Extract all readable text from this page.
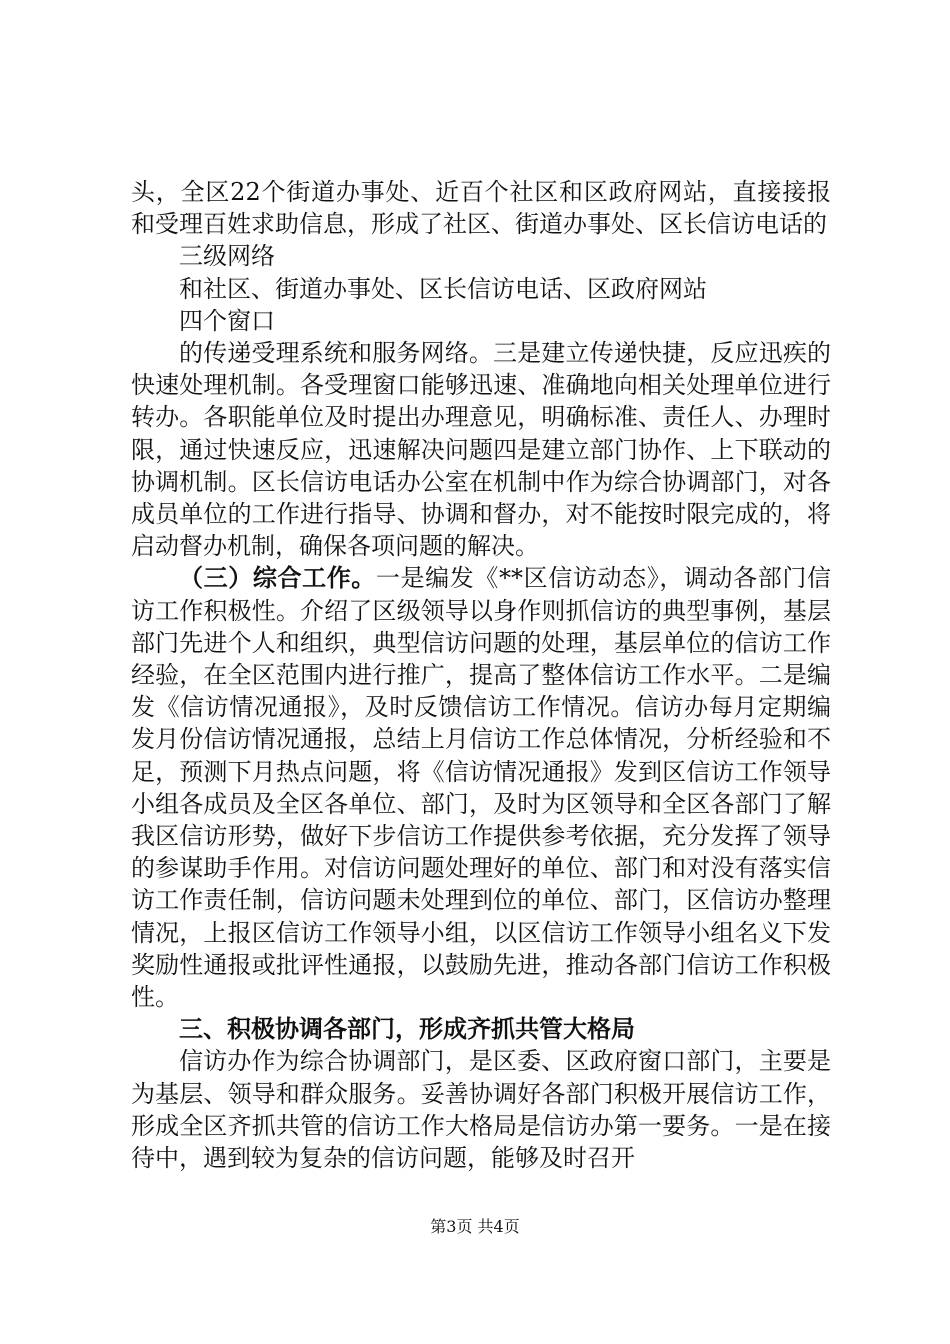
头，全区22个街道办事处、近百个社区和区政府网站，直接接报和受理百姓求助信息，形成了社区、街道办事处、区长信访电话的

三级网络

和社区、街道办事处、区长信访电话、区政府网站

四个窗口

的传递受理系统和服务网络。三是建立传递快捷，反应迅疾的快速处理机制。各受理窗口能够迅速、准确地向相关处理单位进行转办。各职能单位及时提出办理意见，明确标准、责任人、办理时限，通过快速反应，迅速解决问题四是建立部门协作、上下联动的协调机制。区长信访电话办公室在机制中作为综合协调部门，对各成员单位的工作进行指导、协调和督办，对不能按时限完成的，将启动督办机制，确保各项问题的解决。

（三）综合工作。一是编发《**区信访动态》，调动各部门信访工作积极性。介绍了区级领导以身作则抓信访的典型事例，基层部门先进个人和组织，典型信访问题的处理，基层单位的信访工作经验，在全区范围内进行推广，提高了整体信访工作水平。二是编发《信访情况通报》，及时反馈信访工作情况。信访办每月定期编发月份信访情况通报，总结上月信访工作总体情况，分析经验和不足，预测下月热点问题，将《信访情况通报》发到区信访工作领导小组各成员及全区各单位、部门，及时为区领导和全区各部门了解我区信访形势，做好下步信访工作提供参考依据，充分发挥了领导的参谋助手作用。对信访问题处理好的单位、部门和对没有落实信访工作责任制，信访问题未处理到位的单位、部门，区信访办整理情况，上报区信访工作领导小组，以区信访工作领导小组名义下发奖励性通报或批评性通报，以鼓励先进，推动各部门信访工作积极性。

三、积极协调各部门，形成齐抓共管大格局

信访办作为综合协调部门，是区委、区政府窗口部门，主要是为基层、领导和群众服务。妥善协调好各部门积极开展信访工作，形成全区齐抓共管的信访工作大格局是信访办第一要务。一是在接待中，遇到较为复杂的信访问题，能够及时召开

第3页 共4页
